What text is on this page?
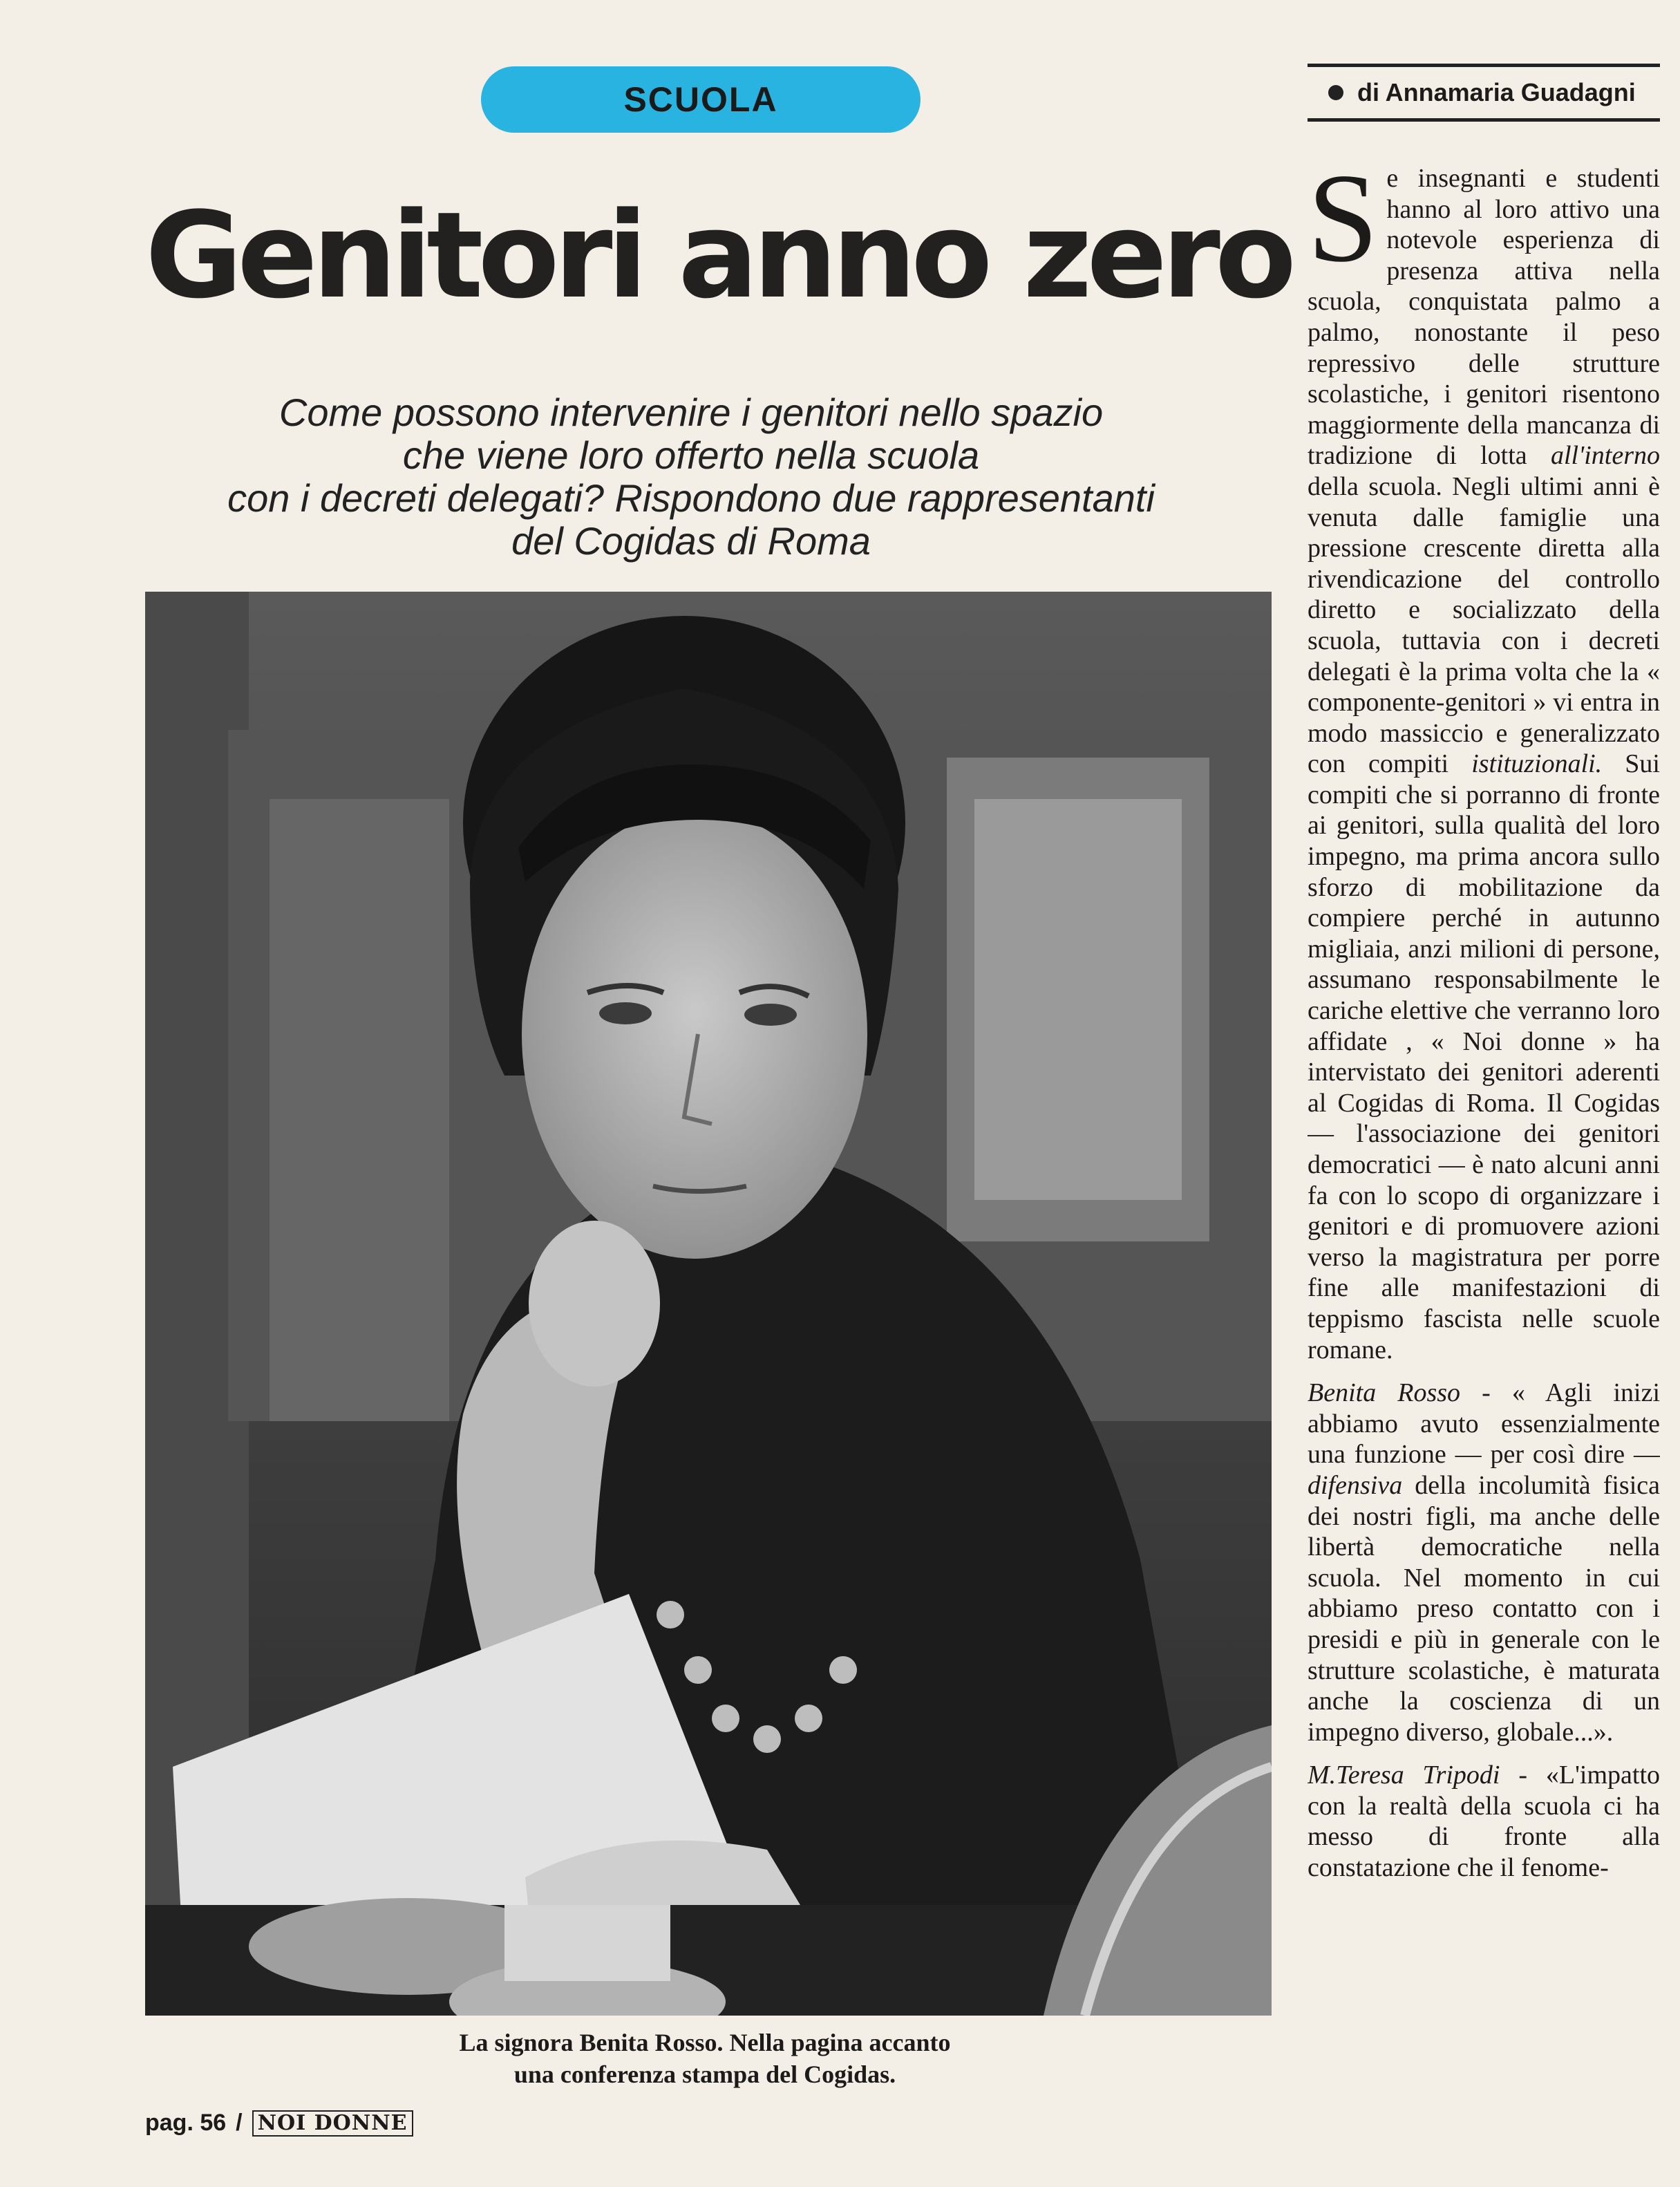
SCUOLA	di Annamaria Guadagni
Genitori anno zero
Come possono intervenire i genitori nello spazio
che viene loro offerto nella scuola
con i decreti delegati? Rispondono due rappresentanti
del Cogidas di Roma
La signora Benita Rosso. Nella pagina accanto
una conferenza stampa del Cogidas.
pag. 56 / NOI DONNE

Se insegnanti e studenti hanno al loro attivo una notevole esperienza di presenza attiva nella scuola, conquistata palmo a palmo, nonostante il peso repressivo delle strutture scolastiche, i genitori risentono maggiormente della mancanza di tradizione di lotta all'interno della scuola. Negli ultimi anni è venuta dalle famiglie una pressione crescente diretta alla rivendicazione del controllo diretto e socializzato della scuola, tuttavia con i decreti delegati è la prima volta che la « componente-genitori » vi entra in modo massiccio e generalizzato con compiti istituzionali. Sui compiti che si porranno di fronte ai genitori, sulla qualità del loro impegno, ma prima ancora sullo sforzo di mobilitazione da compiere perché in autunno migliaia, anzi milioni di persone, assumano responsabilmente le cariche elettive che verranno loro affidate , « Noi donne » ha intervistato dei genitori aderenti al Cogidas di Roma. Il Cogidas — l'associazione dei genitori democratici — è nato alcuni anni fa con lo scopo di organizzare i genitori e di promuovere azioni verso la magistratura per porre fine alle manifestazioni di teppismo fascista nelle scuole romane.

Benita Rosso - « Agli inizi abbiamo avuto essenzialmente una funzione — per così dire — difensiva della incolumità fisica dei nostri figli, ma anche delle libertà democratiche nella scuola. Nel momento in cui abbiamo preso contatto con i presidi e più in generale con le strutture scolastiche, è maturata anche la coscienza di un impegno diverso, globale...».

M.Teresa Tripodi - «L'impatto con la realtà della scuola ci ha messo di fronte alla constatazione che il fenome-
